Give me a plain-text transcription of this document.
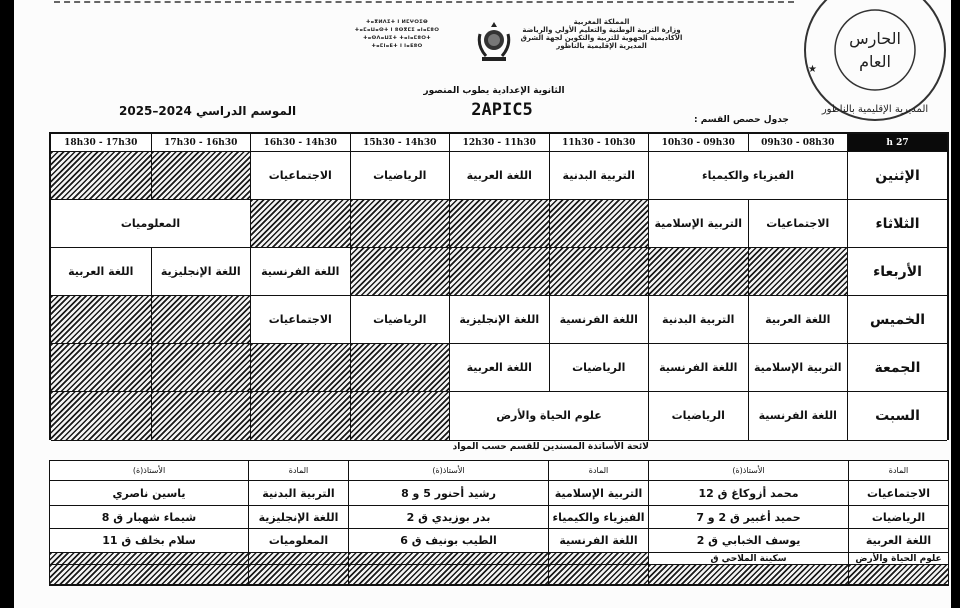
ⵜⴰⴳⵍⴷⵉⵜ ⵏ ⵍⵎⵖⵔⵉⴱ
ⵜⴰⵎⴰⵡⴰⵙⵜ ⵏ ⵓⵙⴳⵎⵉ ⴰⵏⴰⵎⵓⵔ
ⵜⴰⵙⴷⴰⵡⵉⵜ ⵜⴰⵏⴰⵎⵓⵔⵜ
ⵜⴰⵎⵏⴰⴹⵜ ⵏ ⵏⴰⴹⵓⵔ
المملكة المغربية
وزارة التربية الوطنية والتعليم الأولي والرياضة
الأكاديمية الجهوية للتربية والتكوين لجهة الشرق
المديرية الإقليمية بالناظور
الثانوية الإعدادية يطوب المنصور
2APIC5
الموسم الدراسي 2024–2025
جدول حصص القسم :
الحارس
العام
المديرية الإقليمية بالناظور
★
27 h
09h30 - 08h30
10h30 - 09h30
11h30 - 10h30
12h30 - 11h30
15h30 - 14h30
16h30 - 14h30
17h30 - 16h30
18h30 - 17h30
الإثنين
الفيزياء والكيمياء
التربية البدنية
اللغة العربية
الرياضيات
الاجتماعيات
الثلاثاء
الاجتماعيات
التربية الإسلامية
المعلوميات
الأربعاء
اللغة الفرنسية
اللغة الإنجليزية
اللغة العربية
الخميس
اللغة العربية
التربية البدنية
اللغة الفرنسية
اللغة الإنجليزية
الرياضيات
الاجتماعيات
الجمعة
التربية الإسلامية
اللغة الفرنسية
الرياضيات
اللغة العربية
السبت
اللغة الفرنسية
الرياضيات
علوم الحياة والأرض
لائحة الأساتذة المسندين للقسم حسب المواد
المادة
الأستاذ(ة)
المادة
الأستاذ(ة)
المادة
الأستاذ(ة)
الاجتماعيات
محمد أزوكاغ ق 12
التربية الإسلامية
رشيد أحنور 5 و 8
التربية البدنية
ياسين ناصري
الرياضيات
حميد أغبير ق 2 و 7
الفيزياء والكيمياء
بدر بوزيدي ق 2
اللغة الإنجليزية
شيماء شهبار ق 8
اللغة العربية
يوسف الخبابي ق 2
اللغة الفرنسية
الطيب بونيف ق 6
المعلوميات
سلام بخلف ق 11
علوم الحياة والأرض
سكينة الملاحي ق
